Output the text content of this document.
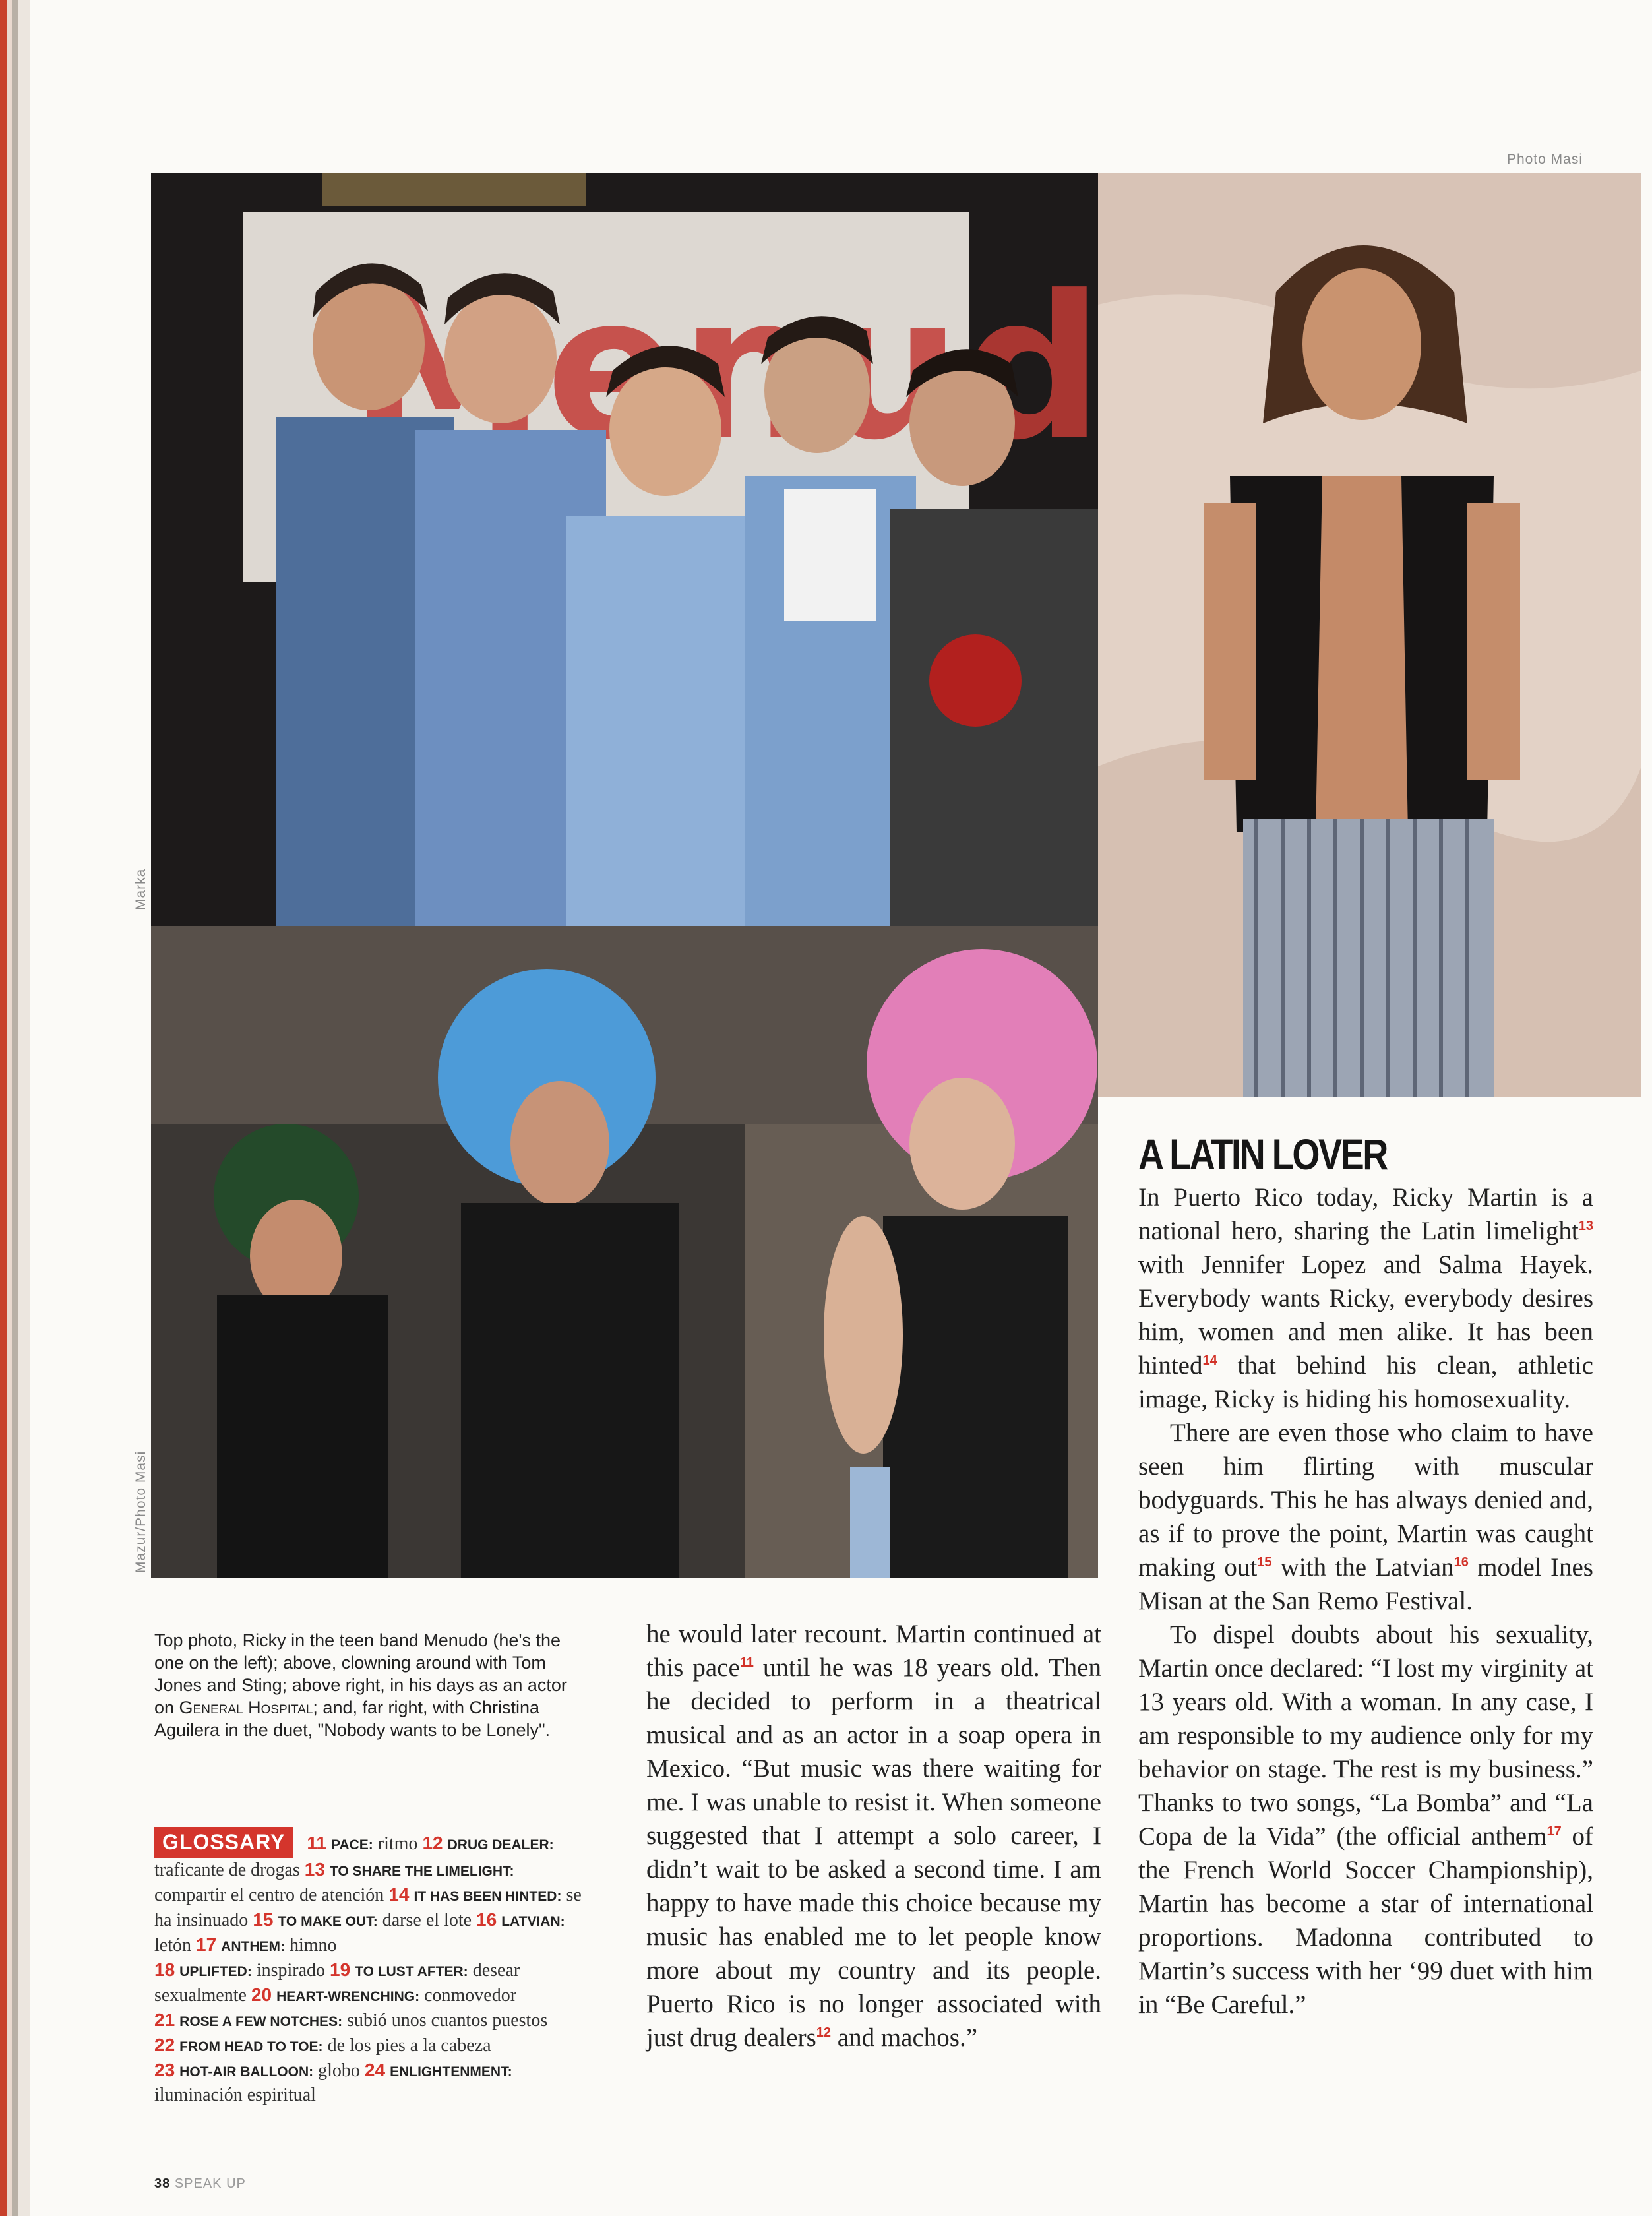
Photo Masi
Marka
Mazur/Photo Masi
A LATIN LOVER
Top photo, Ricky in the teen band Menudo (he's the one on the left); above, clowning around with Tom Jones and Sting; above right, in his days as an actor on General Hospital; and, far right, with Christina Aguilera in the duet, "Nobody wants to be Lonely".
GLOSSARY 11 PACE: ritmo 12 DRUG DEALER: traficante de drogas 13 TO SHARE THE LIMELIGHT: compartir el centro de atención 14 IT HAS BEEN HINTED: se ha insinuado 15 TO MAKE OUT: darse el lote 16 LATVIAN: letón 17 ANTHEM: himno
18 UPLIFTED: inspirado 19 TO LUST AFTER: desear sexualmente 20 HEART-WRENCHING: conmovedor
21 ROSE A FEW NOTCHES: subió unos cuantos puestos
22 FROM HEAD TO TOE: de los pies a la cabeza
23 HOT-AIR BALLOON: globo 24 ENLIGHTENMENT: iluminación espiritual

he would later recount. Martin continued at this pace$^{11}$ until he was 18 years old. Then he decided to perform in a theatrical musical and as an actor in a soap opera in Mexico. “But music was there waiting for me. I was unable to resist it. When someone suggested that I attempt a solo career, I didn’t wait to be asked a second time. I am happy to have made this choice because my music has enabled me to let people know more about my country and its people. Puerto Rico is no longer associated with just drug dealers$^{12}$ and machos.”

In Puerto Rico today, Ricky Martin is a national hero, sharing the Latin limelight$^{13}$ with Jennifer Lopez and Salma Hayek. Everybody wants Ricky, everybody desires him, women and men alike. It has been hinted$^{14}$ that behind his clean, athletic image, Ricky is hiding his homosexuality.

There are even those who claim to have seen him flirting with muscular bodyguards. This he has always denied and, as if to prove the point, Martin was caught making out$^{15}$ with the Latvian$^{16}$ model Ines Misan at the San Remo Festival.

To dispel doubts about his sexuality, Martin once declared: “I lost my virginity at 13 years old. With a woman. In any case, I am responsible to my audience only for my behavior on stage. The rest is my business.” Thanks to two songs, “La Bomba” and “La Copa de la Vida” (the official anthem$^{17}$ of the French World Soccer Championship), Martin has become a star of international proportions. Madonna contributed to Martin’s success with her ‘99 duet with him in “Be Careful.”

38 SPEAK UP
